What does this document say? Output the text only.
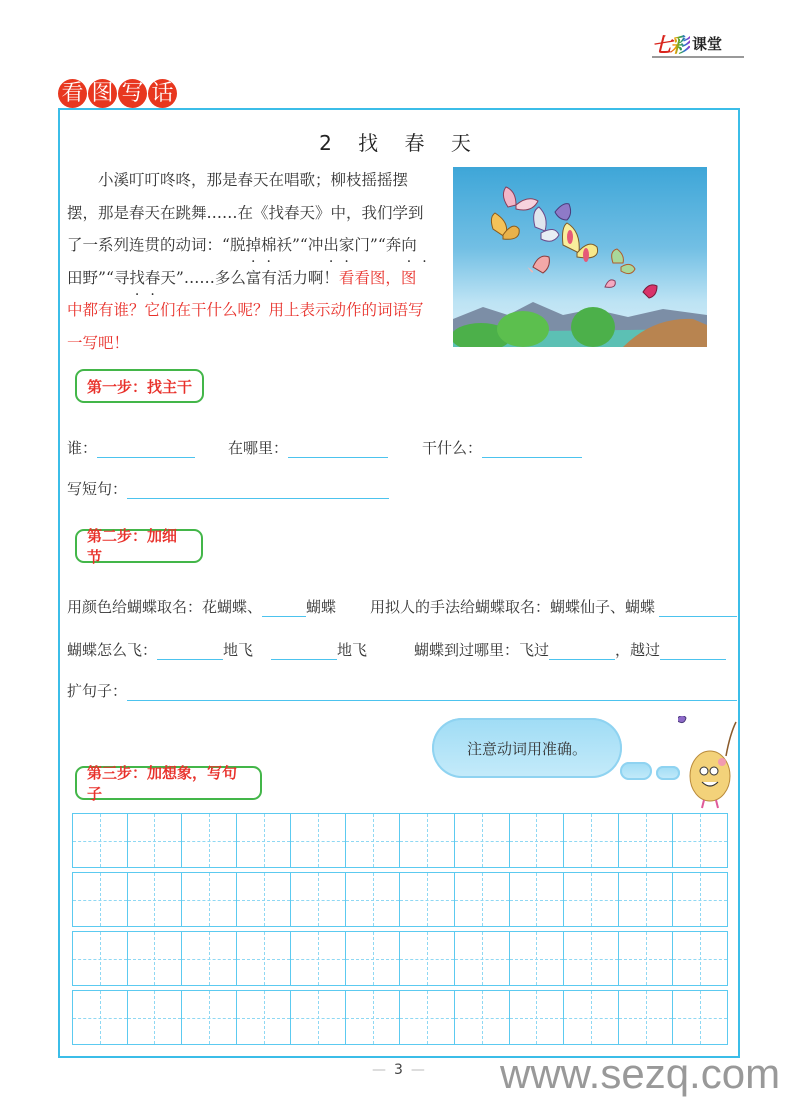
七 彩 课堂
看 图 写 话
2 找 春 天

小溪叮叮咚咚，那是春天在唱歌；柳枝摇摇摆摆，那是春天在跳舞……在《找春天》中，我们学到了一系列连贯的动词：“脱掉棉袄”“冲出家门”“奔向田野”“寻找春天”……多么富有活力啊！看看图，图中都有谁？它们在干什么呢？用上表示动作的词语写一写吧！

第一步：找主干
谁：	在哪里：	干什么：
写短句：
第二步：加细节
用颜色给蝴蝶取名：花蝴蝶、	蝴蝶 用拟人的手法给蝴蝶取名：蝴蝶仙子、蝴蝶
蝴蝶怎么飞：	地飞	地飞	蝴蝶到过哪里：飞过	，越过
扩句子：
注意动词用准确。
第三步：加想象，写句子
— 3 — www.sezq.com
